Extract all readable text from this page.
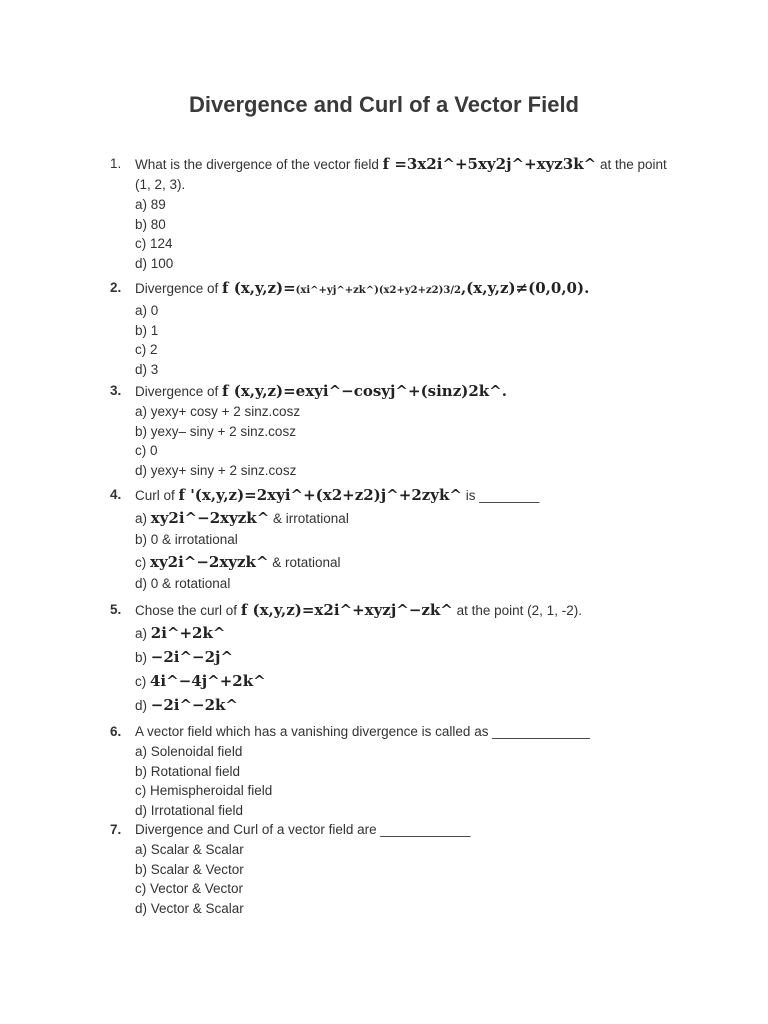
Divergence and Curl of a Vector Field
1.	What is the divergence of the vector field f =3x2i^+5xy2j^+xyz3k^ at the point
(1, 2, 3).
a) 89
b) 80
c) 124
d) 100
2.	Divergence of f (x,y,z)=(xi^+yj^+zk^)(x2+y2+z2)3/2,(x,y,z)≠(0,0,0).
a) 0
b) 1
c) 2
d) 3
3.	Divergence of f (x,y,z)=exyi^−cosyj^+(sinz)2k^.
a) yexy+ cosy + 2 sinz.cosz
b) yexy– siny + 2 sinz.cosz
c) 0
d) yexy+ siny + 2 sinz.cosz
4.	Curl of f '(x,y,z)=2xyi^+(x2+z2)j^+2zyk^ is ________
a) xy2i^−2xyzk^ & irrotational
b) 0 & irrotational
c) xy2i^−2xyzk^ & rotational
d) 0 & rotational
5.	Chose the curl of f (x,y,z)=x2i^+xyzj^−zk^ at the point (2, 1, -2).
a) 2i^+2k^
b) −2i^−2j^
c) 4i^−4j^+2k^
d) −2i^−2k^
6.	A vector field which has a vanishing divergence is called as _____________
a) Solenoidal field
b) Rotational field
c) Hemispheroidal field
d) Irrotational field
7.	Divergence and Curl of a vector field are ____________
a) Scalar & Scalar
b) Scalar & Vector
c) Vector & Vector
d) Vector & Scalar
